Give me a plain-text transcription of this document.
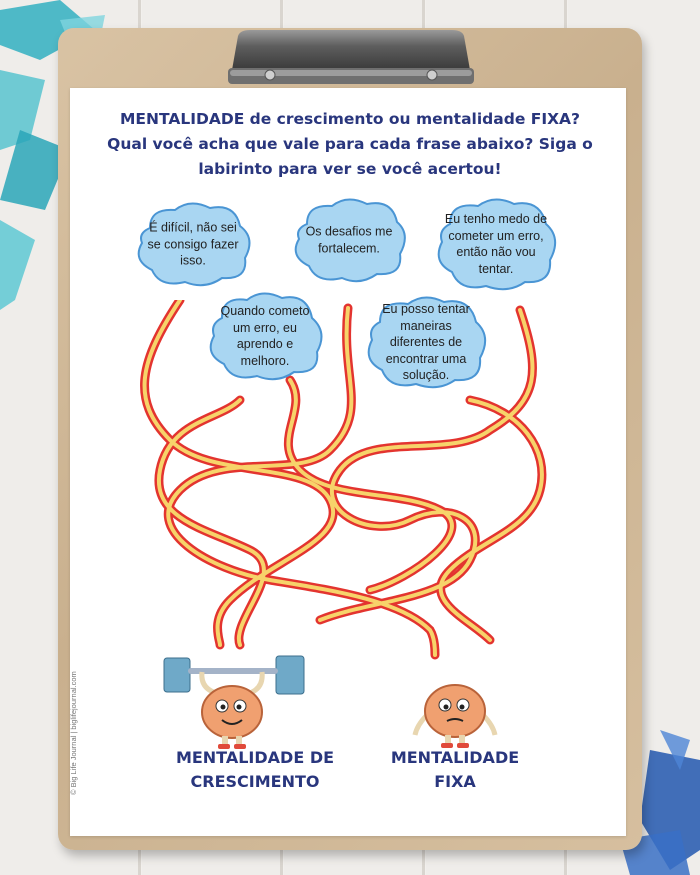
MENTALIDADE de crescimento ou mentalidade FIXA?
Qual você acha que vale para cada frase abaixo? Siga o
labirinto para ver se você acertou!
É difícil, não sei se consigo fazer isso.
Os desafios me fortalecem.
Eu tenho medo de cometer um erro, então não vou tentar.
Quando cometo um erro, eu aprendo e melhoro.
Eu posso tentar maneiras diferentes de encontrar uma solução.
MENTALIDADE DE
CRESCIMENTO
MENTALIDADE
FIXA
© Big Life Journal | biglifejournal.com
